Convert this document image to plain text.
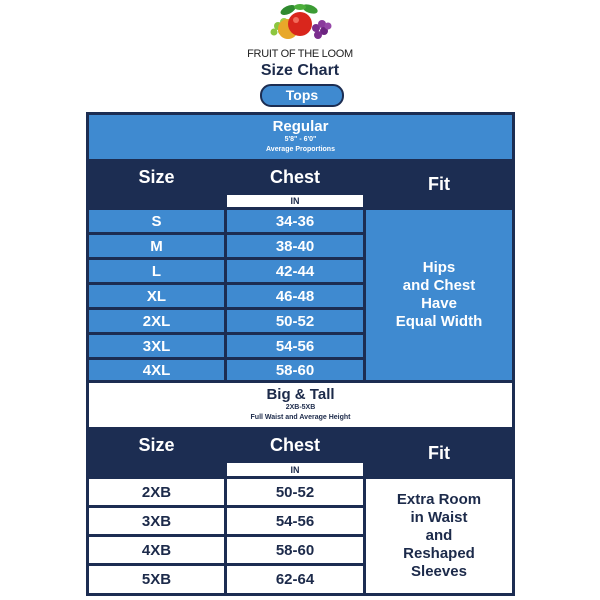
FRUIT OF THE LOOM
Size Chart
Tops
Regular
5'8" - 6'0"
Average Proportions
Size	Chest	Fit
IN
S	34-36
M	38-40
L	42-44
XL	46-48
2XL	50-52
3XL	54-56
4XL	58-60
Hips
and Chest
Have
Equal Width
Big & Tall
2XB-5XB
Full Waist and Average Height
Size	Chest	Fit
IN
2XB	50-52
3XB	54-56
4XB	58-60
5XB	62-64
Extra Room
in Waist
and
Reshaped
Sleeves
